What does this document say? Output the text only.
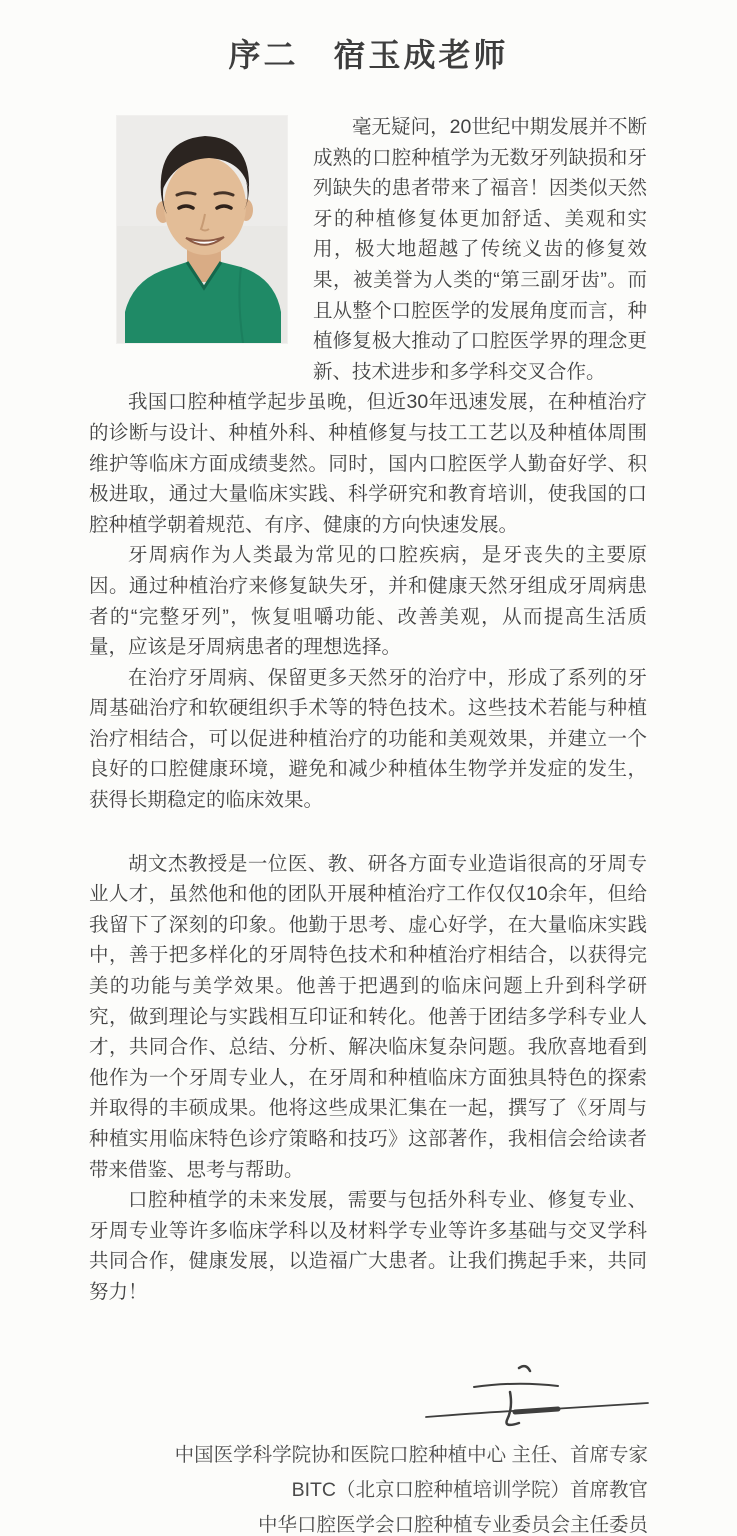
序二　宿玉成老师

毫无疑问，20世纪中期发展并不断成熟的口腔种植学为无数牙列缺损和牙列缺失的患者带来了福音！因类似天然牙的种植修复体更加舒适、美观和实用，极大地超越了传统义齿的修复效果，被美誉为人类的“第三副牙齿”。而且从整个口腔医学的发展角度而言，种植修复极大推动了口腔医学界的理念更新、技术进步和多学科交叉合作。

我国口腔种植学起步虽晚，但近30年迅速发展，在种植治疗的诊断与设计、种植外科、种植修复与技工工艺以及种植体周围维护等临床方面成绩斐然。同时，国内口腔医学人勤奋好学、积极进取，通过大量临床实践、科学研究和教育培训，使我国的口腔种植学朝着规范、有序、健康的方向快速发展。

牙周病作为人类最为常见的口腔疾病，是牙丧失的主要原因。通过种植治疗来修复缺失牙，并和健康天然牙组成牙周病患者的“完整牙列”，恢复咀嚼功能、改善美观，从而提高生活质量，应该是牙周病患者的理想选择。

在治疗牙周病、保留更多天然牙的治疗中，形成了系列的牙周基础治疗和软硬组织手术等的特色技术。这些技术若能与种植治疗相结合，可以促进种植治疗的功能和美观效果，并建立一个良好的口腔健康环境，避免和减少种植体生物学并发症的发生，获得长期稳定的临床效果。

胡文杰教授是一位医、教、研各方面专业造诣很高的牙周专业人才，虽然他和他的团队开展种植治疗工作仅仅10余年，但给我留下了深刻的印象。他勤于思考、虚心好学，在大量临床实践中，善于把多样化的牙周特色技术和种植治疗相结合，以获得完美的功能与美学效果。他善于把遇到的临床问题上升到科学研究，做到理论与实践相互印证和转化。他善于团结多学科专业人才，共同合作、总结、分析、解决临床复杂问题。我欣喜地看到他作为一个牙周专业人，在牙周和种植临床方面独具特色的探索并取得的丰硕成果。他将这些成果汇集在一起，撰写了《牙周与种植实用临床特色诊疗策略和技巧》这部著作，我相信会给读者带来借鉴、思考与帮助。

口腔种植学的未来发展，需要与包括外科专业、修复专业、牙周专业等许多临床学科以及材料学专业等许多基础与交叉学科共同合作，健康发展，以造福广大患者。让我们携起手来，共同努力！

中国医学科学院协和医院口腔种植中心 主任、首席专家
BITC（北京口腔种植培训学院）首席教官
中华口腔医学会口腔种植专业委员会主任委员
